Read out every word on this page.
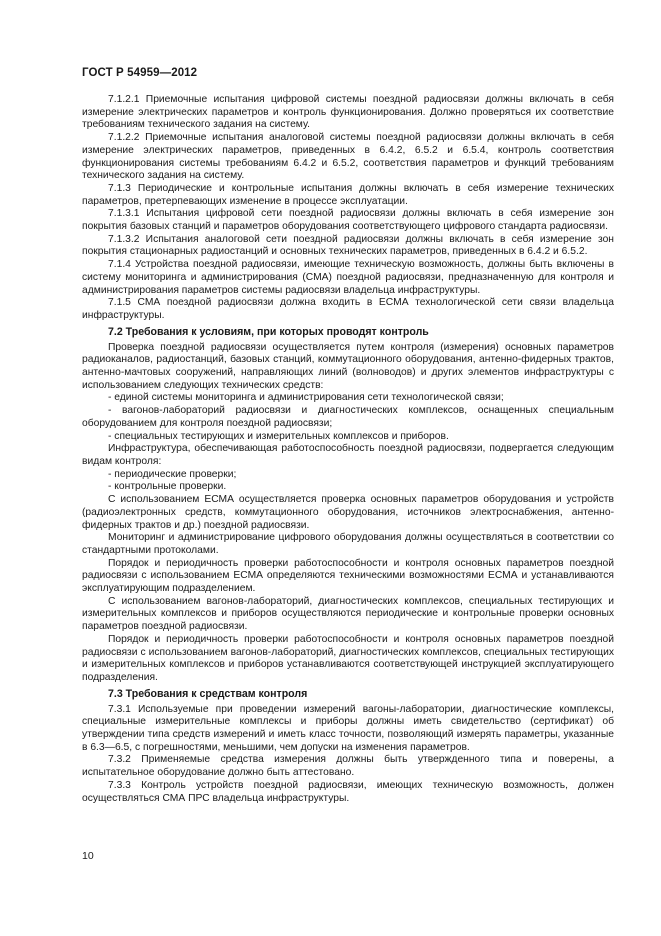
ГОСТ Р 54959—2012

7.1.2.1 Приемочные испытания цифровой системы поездной радиосвязи должны включать в себя измерение электрических параметров и контроль функционирования. Должно проверяться их соответствие требованиям технического задания на систему.

7.1.2.2 Приемочные испытания аналоговой системы поездной радиосвязи должны включать в себя измерение электрических параметров, приведенных в 6.4.2, 6.5.2 и 6.5.4, контроль соответствия функционирования системы требованиям 6.4.2 и 6.5.2, соответствия параметров и функций требованиям технического задания на систему.

7.1.3 Периодические и контрольные испытания должны включать в себя измерение технических параметров, претерпевающих изменение в процессе эксплуатации.

7.1.3.1 Испытания цифровой сети поездной радиосвязи должны включать в себя измерение зон покрытия базовых станций и параметров оборудования соответствующего цифрового стандарта радиосвязи.

7.1.3.2 Испытания аналоговой сети поездной радиосвязи должны включать в себя измерение зон покрытия стационарных радиостанций и основных технических параметров, приведенных в 6.4.2 и 6.5.2.

7.1.4 Устройства поездной радиосвязи, имеющие техническую возможность, должны быть включены в систему мониторинга и администрирования (СМА) поездной радиосвязи, предназначенную для контроля и администрирования параметров системы радиосвязи владельца инфраструктуры.

7.1.5 СМА поездной радиосвязи должна входить в ЕСМА технологической сети связи владельца инфраструктуры.

7.2 Требования к условиям, при которых проводят контроль

Проверка поездной радиосвязи осуществляется путем контроля (измерения) основных параметров радиоканалов, радиостанций, базовых станций, коммутационного оборудования, антенно-фидерных трактов, антенно-мачтовых сооружений, направляющих линий (волноводов) и других элементов инфраструктуры с использованием следующих технических средств:

- единой системы мониторинга и администрирования сети технологической связи;

- вагонов-лабораторий радиосвязи и диагностических комплексов, оснащенных специальным оборудованием для контроля поездной радиосвязи;

- специальных тестирующих и измерительных комплексов и приборов.

Инфраструктура, обеспечивающая работоспособность поездной радиосвязи, подвергается следующим видам контроля:

- периодические проверки;

- контрольные проверки.

С использованием ЕСМА осуществляется проверка основных параметров оборудования и устройств (радиоэлектронных средств, коммутационного оборудования, источников электроснабжения, антенно-фидерных трактов и др.) поездной радиосвязи.

Мониторинг и администрирование цифрового оборудования должны осуществляться в соответствии со стандартными протоколами.

Порядок и периодичность проверки работоспособности и контроля основных параметров поездной радиосвязи с использованием ЕСМА определяются техническими возможностями ЕСМА и устанавливаются эксплуатирующим подразделением.

С использованием вагонов-лабораторий, диагностических комплексов, специальных тестирующих и измерительных комплексов и приборов осуществляются периодические и контрольные проверки основных параметров поездной радиосвязи.

Порядок и периодичность проверки работоспособности и контроля основных параметров поездной радиосвязи с использованием вагонов-лабораторий, диагностических комплексов, специальных тестирующих и измерительных комплексов и приборов устанавливаются соответствующей инструкцией эксплуатирующего подразделения.

7.3 Требования к средствам контроля

7.3.1 Используемые при проведении измерений вагоны-лаборатории, диагностические комплексы, специальные измерительные комплексы и приборы должны иметь свидетельство (сертификат) об утверждении типа средств измерений и иметь класс точности, позволяющий измерять параметры, указанные в 6.3—6.5, с погрешностями, меньшими, чем допуски на изменения параметров.

7.3.2 Применяемые средства измерения должны быть утвержденного типа и поверены, а испытательное оборудование должно быть аттестовано.

7.3.3 Контроль устройств поездной радиосвязи, имеющих техническую возможность, должен осуществляться СМА ПРС владельца инфраструктуры.

10
